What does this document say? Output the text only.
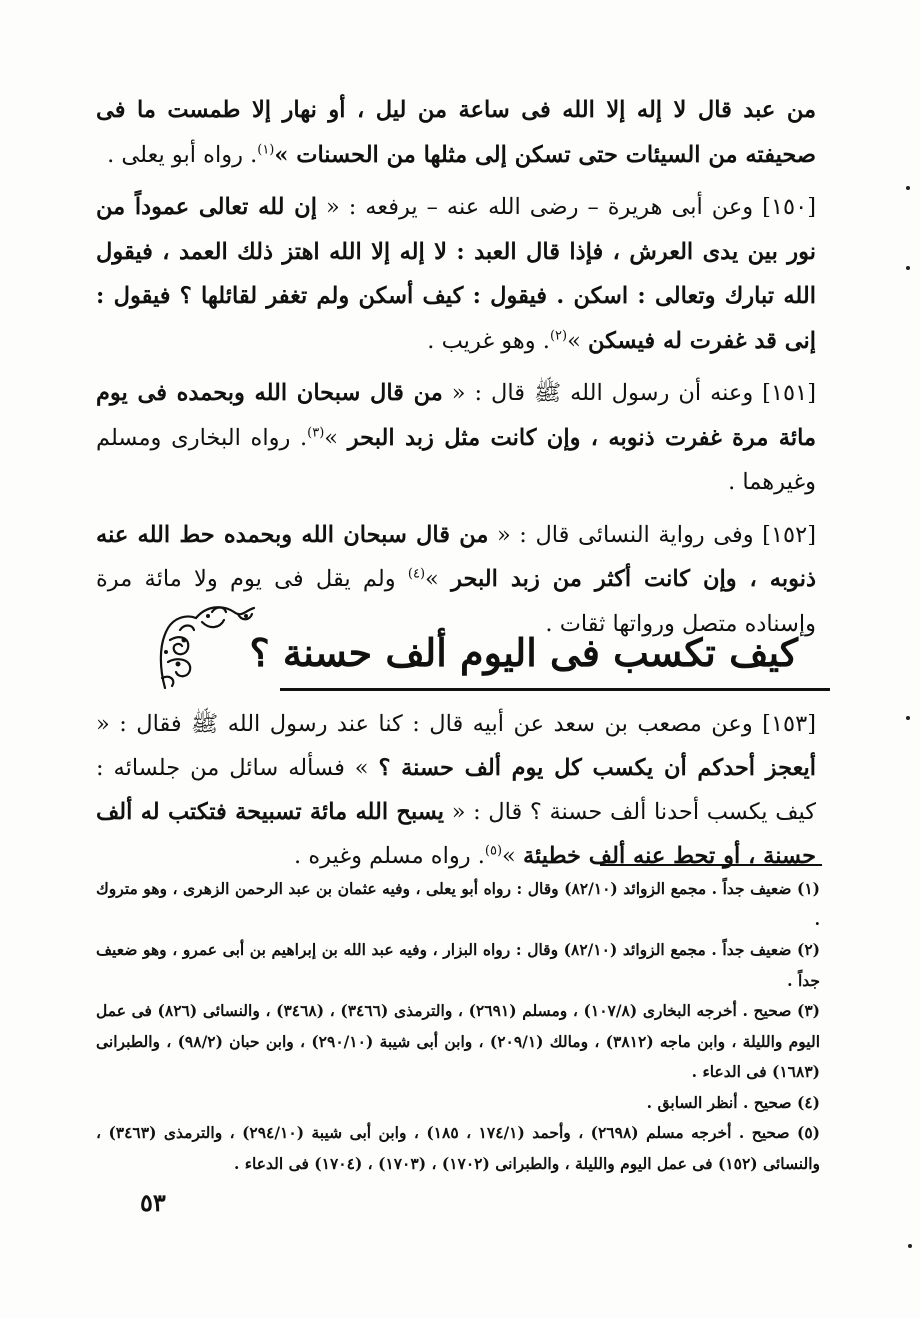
من عبد قال لا إله إلا الله فى ساعة من ليل ، أو نهار إلا طمست ما فى صحيفته من السيئات حتى تسكن إلى مثلها من الحسنات »$^{(١)}$. رواه أبو يعلى .

[١٥٠] وعن أبى هريرة – رضى الله عنه – يرفعه : « إن لله تعالى عموداً من نور بين يدى العرش ، فإذا قال العبد : لا إله إلا الله اهتز ذلك العمد ، فيقول الله تبارك وتعالى : اسكن . فيقول : كيف أسكن ولم تغفر لقائلها ؟ فيقول : إنى قد غفرت له فيسكن »$^{(٢)}$. وهو غريب .

[١٥١] وعنه أن رسول الله ﷺ قال : « من قال سبحان الله وبحمده فى يوم مائة مرة غفرت ذنوبه ، وإن كانت مثل زبد البحر »$^{(٣)}$. رواه البخارى ومسلم وغيرهما .

[١٥٢] وفى رواية النسائى قال : « من قال سبحان الله وبحمده حط الله عنه ذنوبه ، وإن كانت أكثر من زبد البحر »$^{(٤)}$ ولم يقل فى يوم ولا مائة مرة وإسناده متصل ورواتها ثقات .

كيف تكسب فى اليوم ألف حسنة ؟

[١٥٣] وعن مصعب بن سعد عن أبيه قال : كنا عند رسول الله ﷺ فقال : « أيعجز أحدكم أن يكسب كل يوم ألف حسنة ؟ » فسأله سائل من جلسائه : كيف يكسب أحدنا ألف حسنة ؟ قال : « يسبح الله مائة تسبيحة فتكتب له ألف حسنة ، أو تحط عنه ألف خطيئة »$^{(٥)}$. رواه مسلم وغيره .

(١) ضعيف جداً . مجمع الزوائد (٨٢/١٠) وقال : رواه أبو يعلى ، وفيه عثمان بن عبد الرحمن الزهرى ، وهو متروك .

(٢) ضعيف جداً . مجمع الزوائد (٨٢/١٠) وقال : رواه البزار ، وفيه عبد الله بن إبراهيم بن أبى عمرو ، وهو ضعيف جداً .

(٣) صحيح . أخرجه البخارى (١٠٧/٨) ، ومسلم (٢٦٩١) ، والترمذى (٣٤٦٦) ، (٣٤٦٨) ، والنسائى (٨٢٦) فى عمل اليوم والليلة ، وابن ماجه (٣٨١٢) ، ومالك (٢٠٩/١) ، وابن أبى شيبة (٢٩٠/١٠) ، وابن حبان (٩٨/٢) ، والطبرانى (١٦٨٣) فى الدعاء .

(٤) صحيح . أنظر السابق .

(٥) صحيح . أخرجه مسلم (٢٦٩٨) ، وأحمد (١٧٤/١ ، ١٨٥) ، وابن أبى شيبة (٢٩٤/١٠) ، والترمذى (٣٤٦٣) ، والنسائى (١٥٢) فى عمل اليوم والليلة ، والطبرانى (١٧٠٢) ، (١٧٠٣) ، (١٧٠٤) فى الدعاء .

٥٣
